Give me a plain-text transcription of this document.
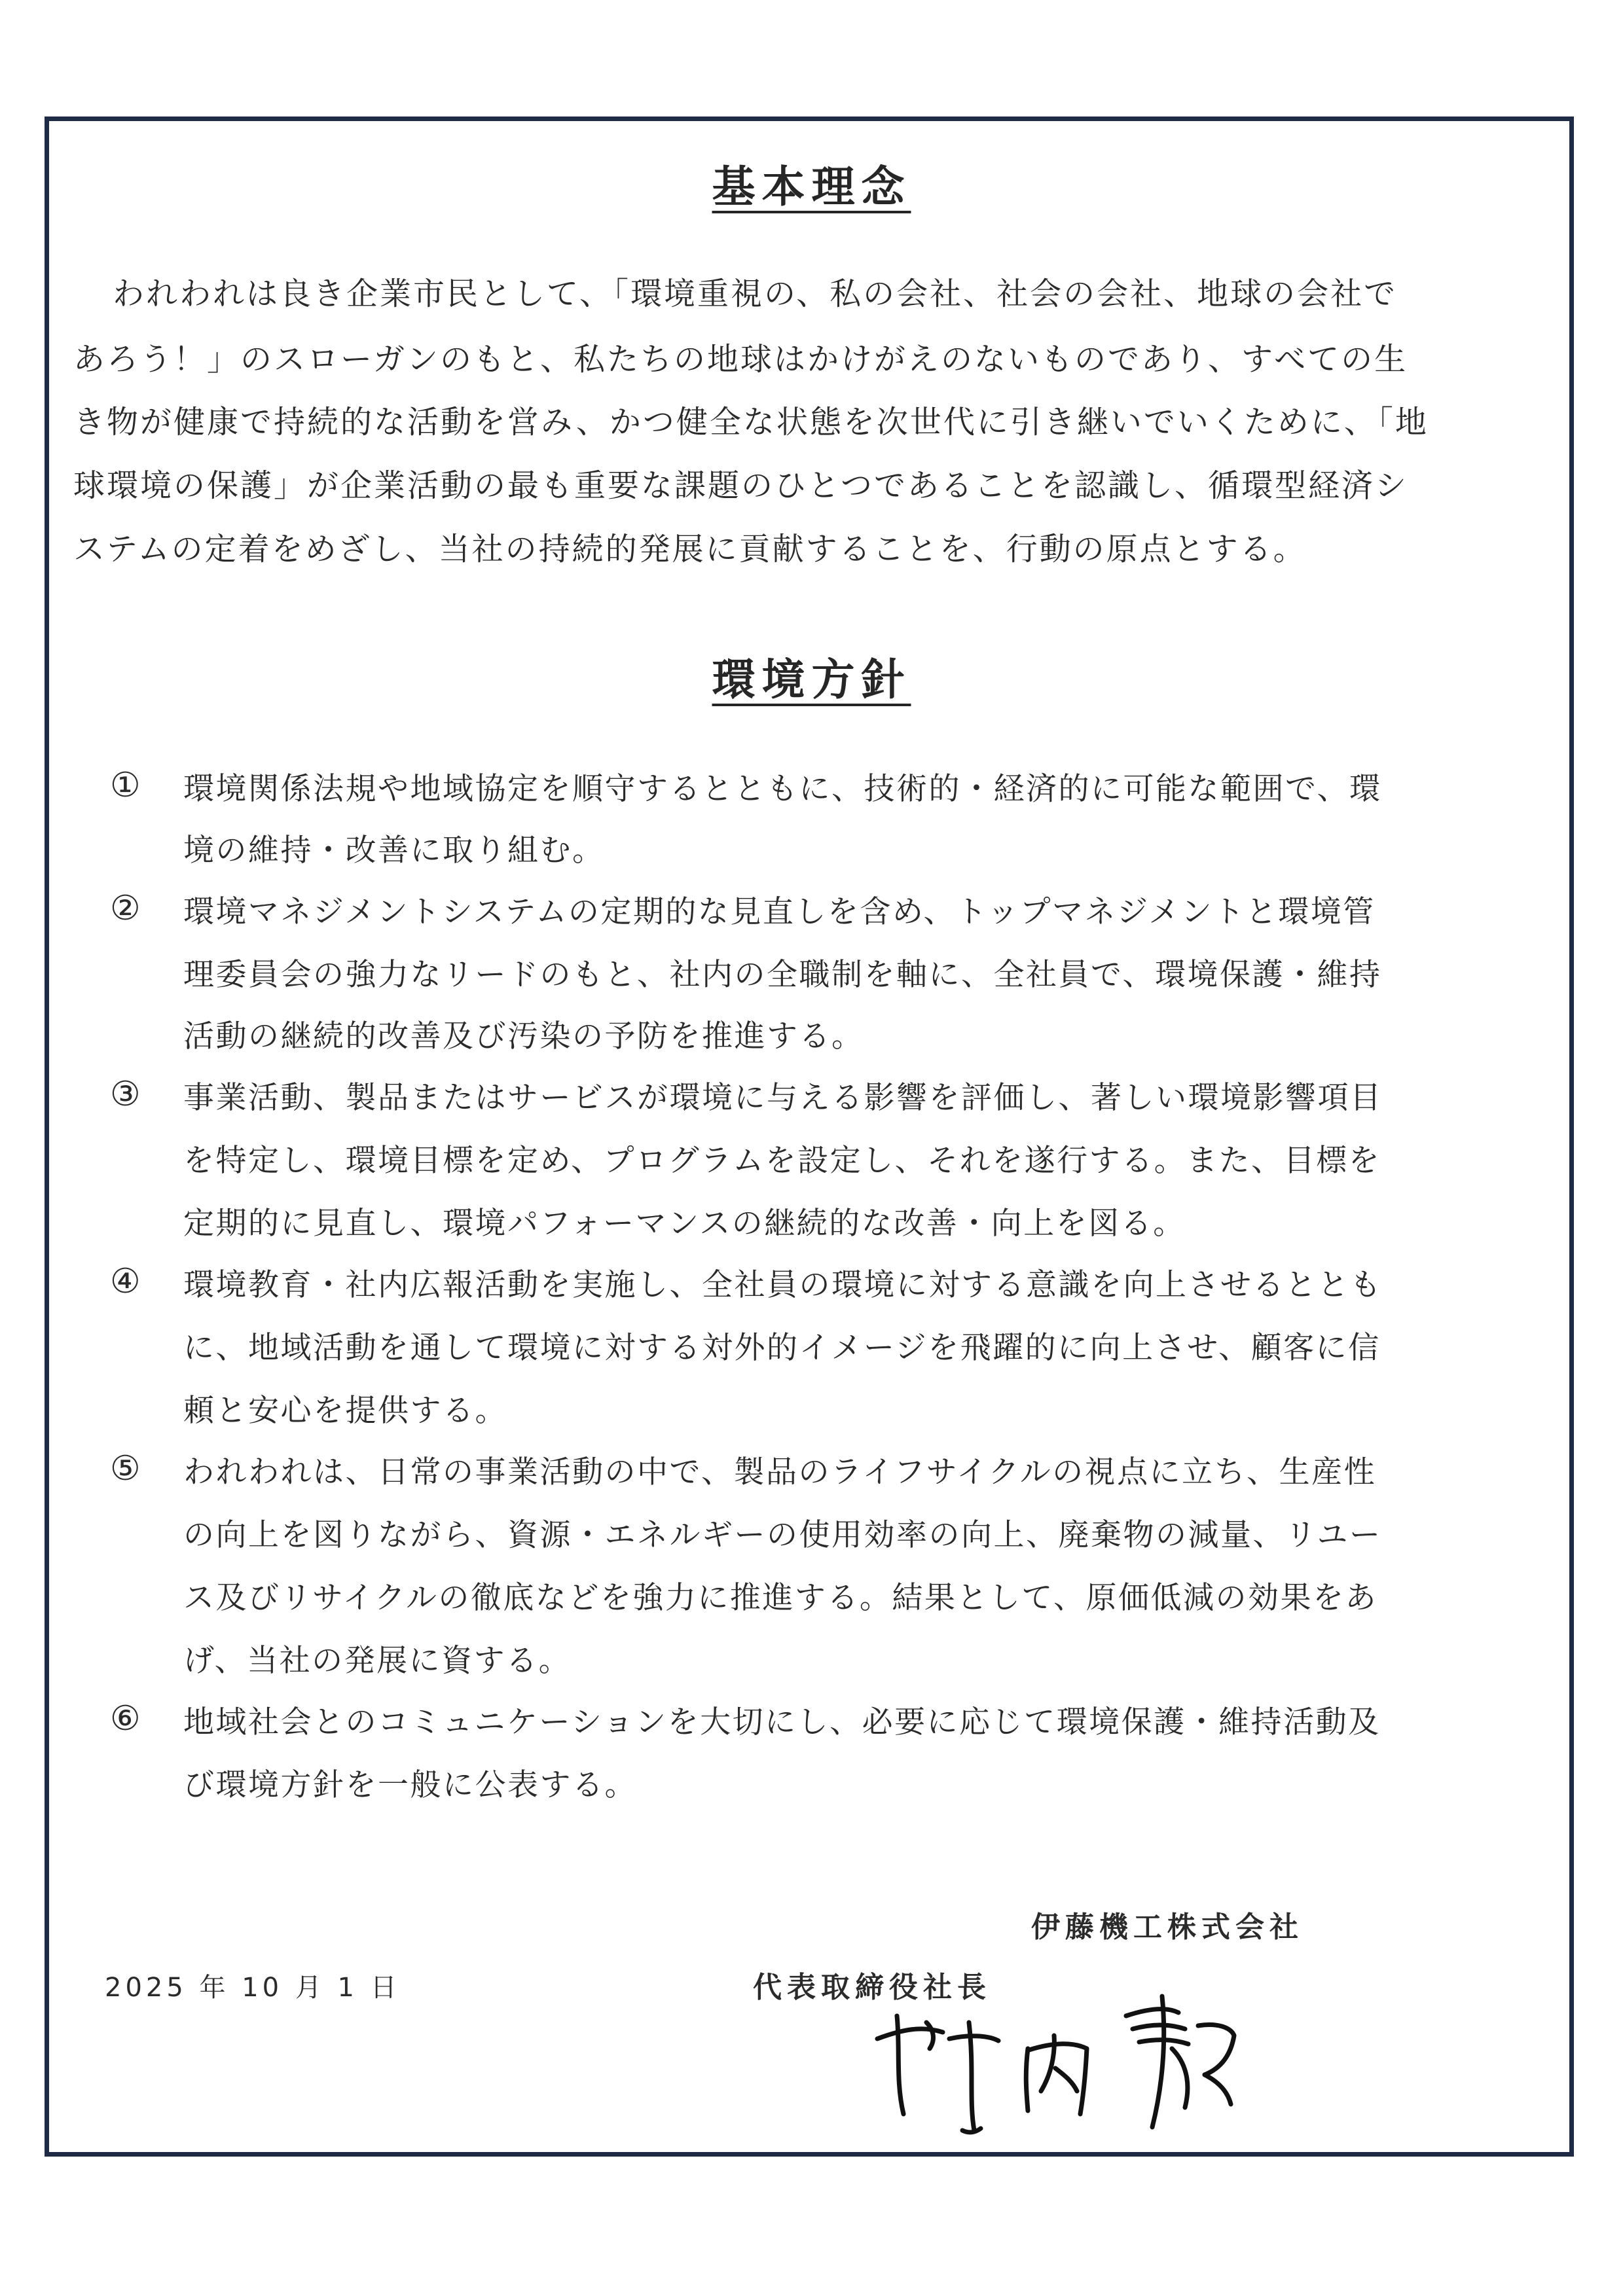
基本理念
われわれは良き企業市民として、「環境重視の、私の会社、社会の会社、地球の会社で
あろう！」のスローガンのもと、私たちの地球はかけがえのないものであり、すべての生
き物が健康で持続的な活動を営み、かつ健全な状態を次世代に引き継いでいくために、「地
球環境の保護」が企業活動の最も重要な課題のひとつであることを認識し、循環型経済シ
ステムの定着をめざし、当社の持続的発展に貢献することを、行動の原点とする。
環境方針
① 環境関係法規や地域協定を順守するとともに、技術的・経済的に可能な範囲で、環
境の維持・改善に取り組む。
② 環境マネジメントシステムの定期的な見直しを含め、トップマネジメントと環境管
理委員会の強力なリードのもと、社内の全職制を軸に、全社員で、環境保護・維持
活動の継続的改善及び汚染の予防を推進する。
③ 事業活動、製品またはサービスが環境に与える影響を評価し、著しい環境影響項目
を特定し、環境目標を定め、プログラムを設定し、それを遂行する。また、目標を
定期的に見直し、環境パフォーマンスの継続的な改善・向上を図る。
④ 環境教育・社内広報活動を実施し、全社員の環境に対する意識を向上させるととも
に、地域活動を通して環境に対する対外的イメージを飛躍的に向上させ、顧客に信
頼と安心を提供する。
⑤ われわれは、日常の事業活動の中で、製品のライフサイクルの視点に立ち、生産性
の向上を図りながら、資源・エネルギーの使用効率の向上、廃棄物の減量、リユー
ス及びリサイクルの徹底などを強力に推進する。結果として、原価低減の効果をあ
げ、当社の発展に資する。
⑥ 地域社会とのコミュニケーションを大切にし、必要に応じて環境保護・維持活動及
び環境方針を一般に公表する。
伊藤機工株式会社
2025 年 10 月 1 日	代表取締役社長
